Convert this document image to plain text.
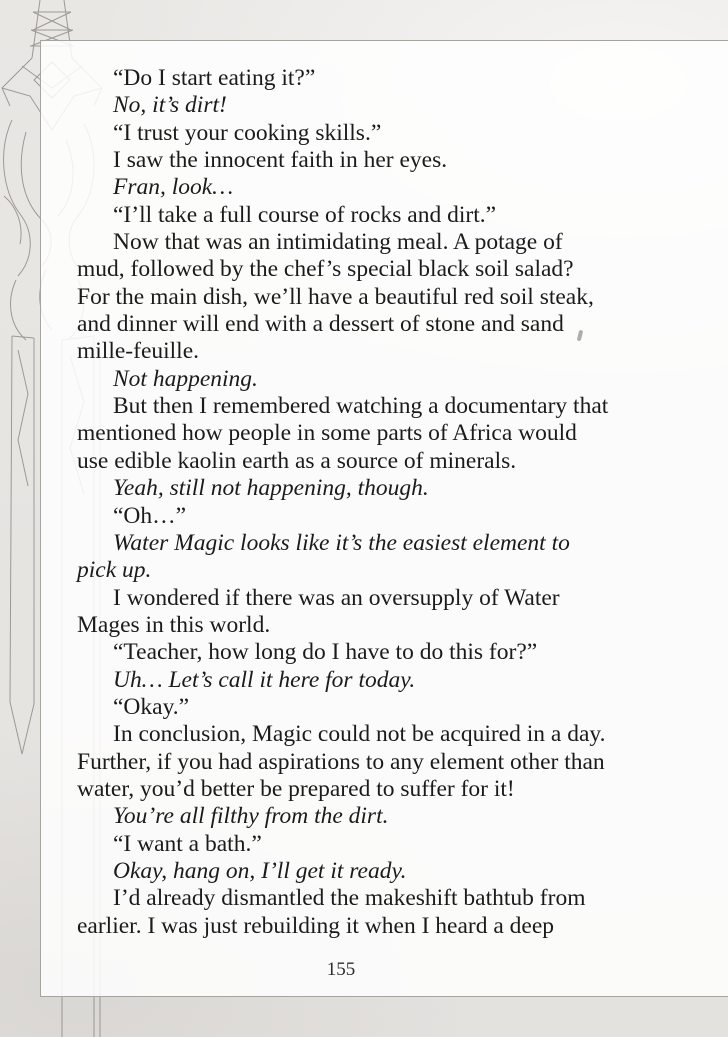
“Do I start eating it?”
No, it’s dirt!
“I trust your cooking skills.”
I saw the innocent faith in her eyes.
Fran, look…
“I’ll take a full course of rocks and dirt.”
Now that was an intimidating meal. A potage of
mud, followed by the chef’s special black soil salad?
For the main dish, we’ll have a beautiful red soil steak,
and dinner will end with a dessert of stone and sand
mille-feuille.
Not happening.
But then I remembered watching a documentary that
mentioned how people in some parts of Africa would
use edible kaolin earth as a source of minerals.
Yeah, still not happening, though.
“Oh…”
Water Magic looks like it’s the easiest element to
pick up.
I wondered if there was an oversupply of Water
Mages in this world.
“Teacher, how long do I have to do this for?”
Uh… Let’s call it here for today.
“Okay.”
In conclusion, Magic could not be acquired in a day.
Further, if you had aspirations to any element other than
water, you’d better be prepared to suffer for it!
You’re all filthy from the dirt.
“I want a bath.”
Okay, hang on, I’ll get it ready.
I’d already dismantled the makeshift bathtub from
earlier. I was just rebuilding it when I heard a deep
155
